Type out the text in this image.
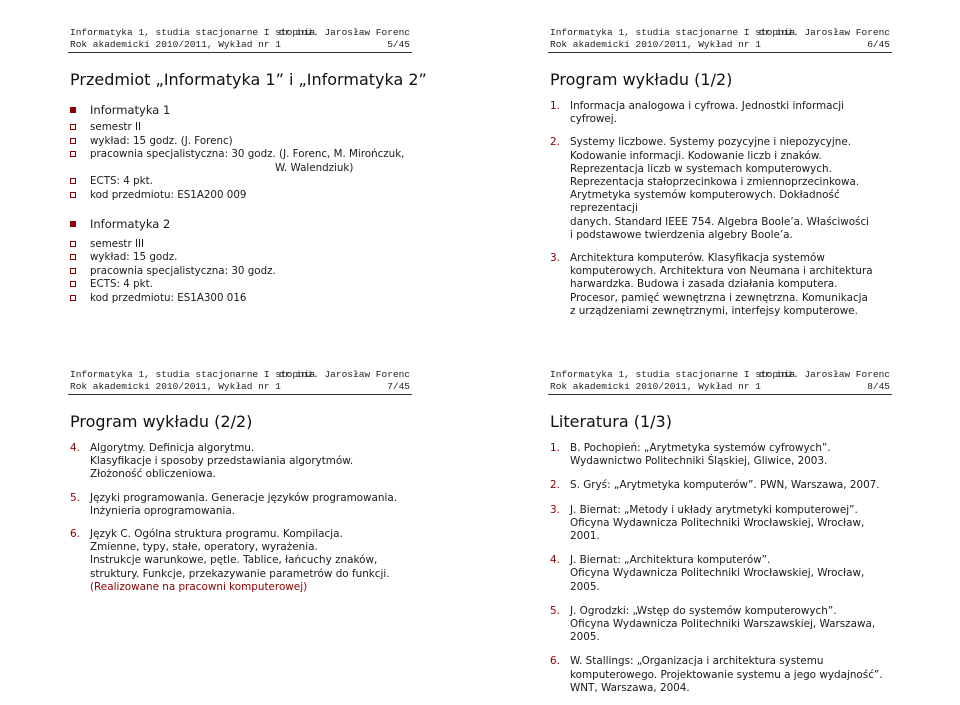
Informatyka 1, studia stacjonarne I stopnia
Rok akademicki 2010/2011, Wykład nr 1
dr inż. Jarosław Forenc
5/45
Przedmiot „Informatyka 1” i „Informatyka 2”
Informatyka 1
semestr II
wykład: 15 godz. (J. Forenc)
pracownia specjalistyczna: 30 godz. (J. Forenc, M. Mirończuk,
W. Walendziuk)
ECTS: 4 pkt.
kod przedmiotu: ES1A200 009
Informatyka 2
semestr III
wykład: 15 godz.
pracownia specjalistyczna: 30 godz.
ECTS: 4 pkt.
kod przedmiotu: ES1A300 016
Informatyka 1, studia stacjonarne I stopnia
Rok akademicki 2010/2011, Wykład nr 1
dr inż. Jarosław Forenc
6/45
Program wykładu (1/2)
1. Informacja analogowa i cyfrowa. Jednostki informacji cyfrowej.
2. Systemy liczbowe. Systemy pozycyjne i niepozycyjne.
Kodowanie informacji. Kodowanie liczb i znaków.
Reprezentacja liczb w systemach komputerowych.
Reprezentacja stałoprzecinkowa i zmiennoprzecinkowa.
Arytmetyka systemów komputerowych. Dokładność reprezentacji
danych. Standard IEEE 754. Algebra Boole’a. Właściwości
i podstawowe twierdzenia algebry Boole’a.
3. Architektura komputerów. Klasyfikacja systemów
komputerowych. Architektura von Neumana i architektura
harwardzka. Budowa i zasada działania komputera.
Procesor, pamięć wewnętrzna i zewnętrzna. Komunikacja
z urządzeniami zewnętrznymi, interfejsy komputerowe.
Informatyka 1, studia stacjonarne I stopnia
Rok akademicki 2010/2011, Wykład nr 1
dr inż. Jarosław Forenc
7/45
Program wykładu (2/2)
4. Algorytmy. Definicja algorytmu.
Klasyfikacje i sposoby przedstawiania algorytmów.
Złożoność obliczeniowa.
5. Języki programowania. Generacje języków programowania.
Inżynieria oprogramowania.
6. Język C. Ogólna struktura programu. Kompilacja.
Zmienne, typy, stałe, operatory, wyrażenia.
Instrukcje warunkowe, pętle. Tablice, łańcuchy znaków,
struktury. Funkcje, przekazywanie parametrów do funkcji.
(Realizowane na pracowni komputerowej)
Informatyka 1, studia stacjonarne I stopnia
Rok akademicki 2010/2011, Wykład nr 1
dr inż. Jarosław Forenc
8/45
Literatura (1/3)
1. B. Pochopień: „Arytmetyka systemów cyfrowych”.
Wydawnictwo Politechniki Śląskiej, Gliwice, 2003.
2. S. Gryś: „Arytmetyka komputerów”. PWN, Warszawa, 2007.
3. J. Biernat: „Metody i układy arytmetyki komputerowej”.
Oficyna Wydawnicza Politechniki Wrocławskiej, Wrocław, 2001.
4. J. Biernat: „Architektura komputerów”.
Oficyna Wydawnicza Politechniki Wrocławskiej, Wrocław, 2005.
5. J. Ogrodzki: „Wstęp do systemów komputerowych”.
Oficyna Wydawnicza Politechniki Warszawskiej, Warszawa, 2005.
6. W. Stallings: „Organizacja i architektura systemu
komputerowego. Projektowanie systemu a jego wydajność”.
WNT, Warszawa, 2004.
